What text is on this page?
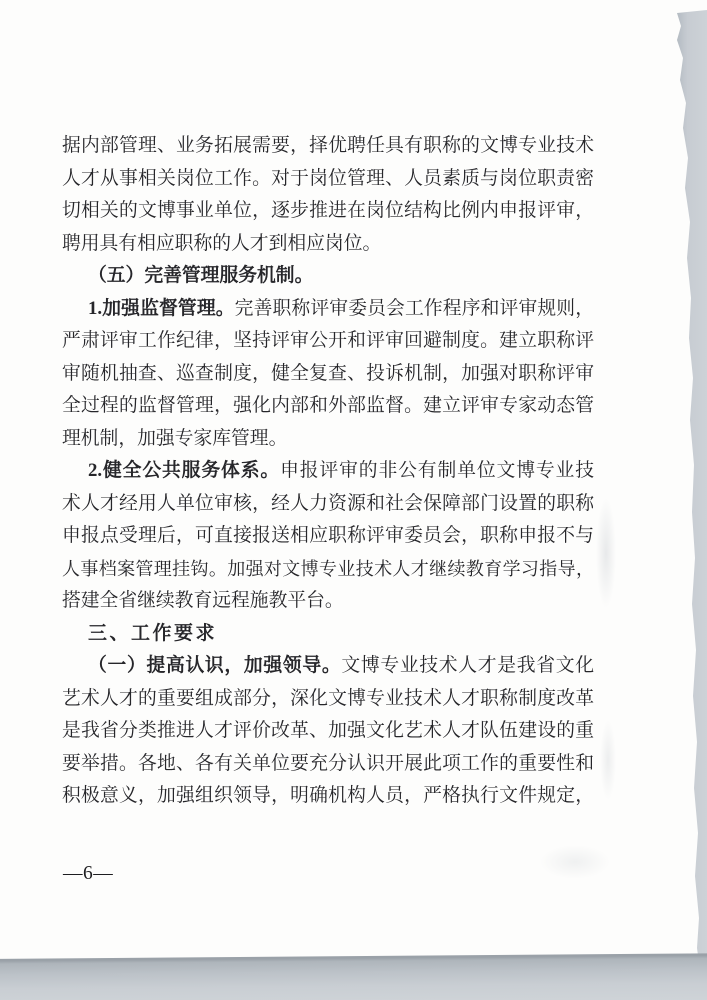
据内部管理、业务拓展需要，择优聘任具有职称的文博专业技术
人才从事相关岗位工作。对于岗位管理、人员素质与岗位职责密
切相关的文博事业单位，逐步推进在岗位结构比例内申报评审，
聘用具有相应职称的人才到相应岗位。
（五）完善管理服务机制。
1.加强监督管理。完善职称评审委员会工作程序和评审规则，
严肃评审工作纪律，坚持评审公开和评审回避制度。建立职称评
审随机抽查、巡查制度，健全复查、投诉机制，加强对职称评审
全过程的监督管理，强化内部和外部监督。建立评审专家动态管
理机制，加强专家库管理。
2.健全公共服务体系。申报评审的非公有制单位文博专业技
术人才经用人单位审核，经人力资源和社会保障部门设置的职称
申报点受理后，可直接报送相应职称评审委员会，职称申报不与
人事档案管理挂钩。加强对文博专业技术人才继续教育学习指导，
搭建全省继续教育远程施教平台。
三、工作要求
（一）提高认识，加强领导。文博专业技术人才是我省文化
艺术人才的重要组成部分，深化文博专业技术人才职称制度改革
是我省分类推进人才评价改革、加强文化艺术人才队伍建设的重
要举措。各地、各有关单位要充分认识开展此项工作的重要性和
积极意义，加强组织领导，明确机构人员，严格执行文件规定，
—6—
